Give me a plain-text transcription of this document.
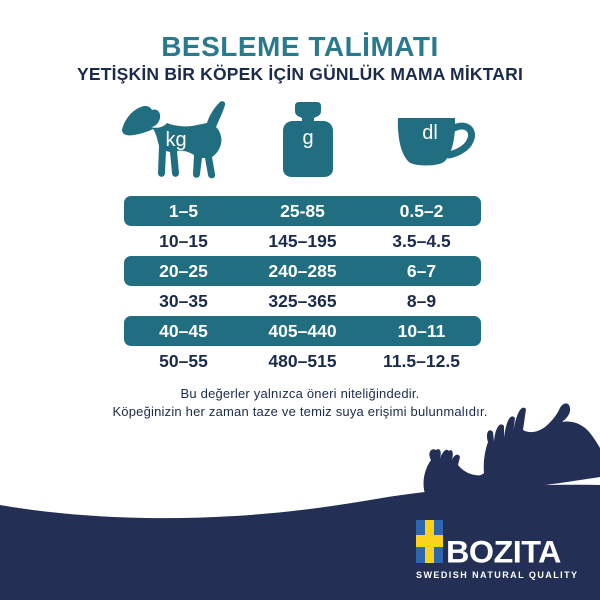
BESLEME TALİMATI
YETİŞKİN BİR KÖPEK İÇİN GÜNLÜK MAMA MİKTARI
kg	g	dl
1–5	25-85	0.5–2
10–15	145–195	3.5–4.5
20–25	240–285	6–7
30–35	325–365	8–9
40–45	405–440	10–11
50–55	480–515	11.5–12.5

Bu değerler yalnızca öneri niteliğindedir.

Köpeğinizin her zaman taze ve temiz suya erişimi bulunmalıdır.

BOZITA

SWEDISH NATURAL QUALITY
